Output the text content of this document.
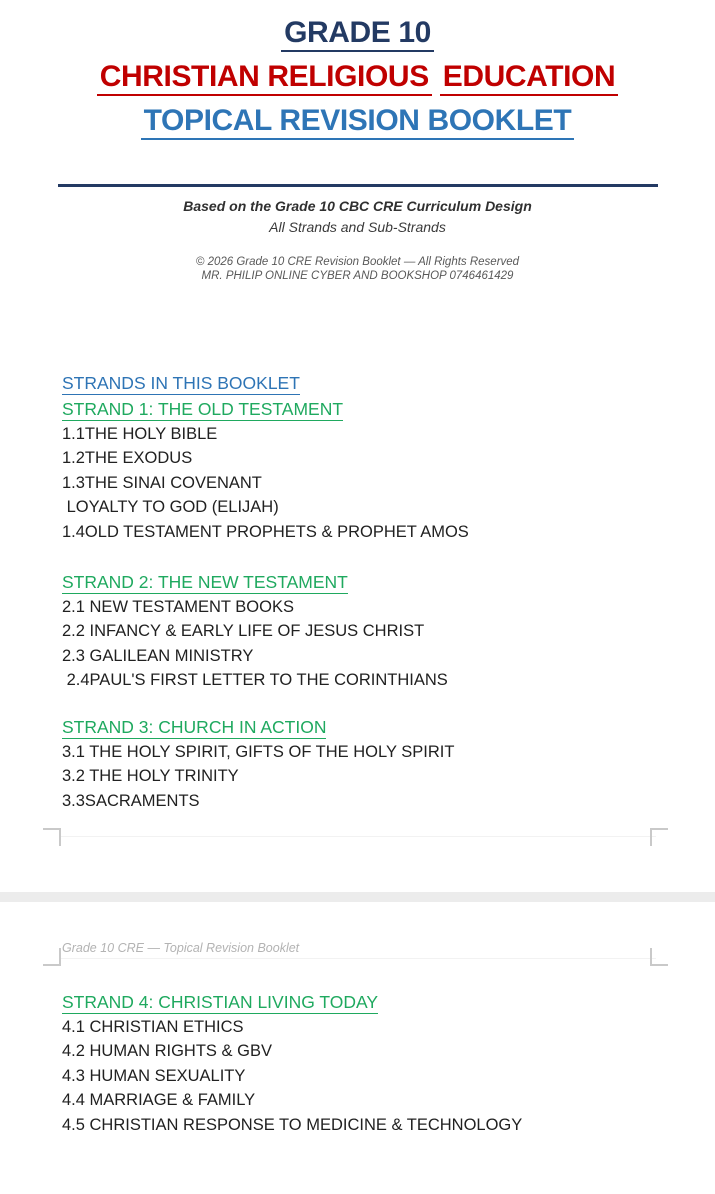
GRADE 10
CHRISTIAN RELIGIOUS EDUCATION
TOPICAL REVISION BOOKLET
Based on the Grade 10 CBC CRE Curriculum Design
All Strands and Sub-Strands
© 2026 Grade 10 CRE Revision Booklet — All Rights Reserved
MR. PHILIP ONLINE CYBER AND BOOKSHOP 0746461429
STRANDS IN THIS BOOKLET
STRAND 1: THE OLD TESTAMENT
1.1THE HOLY BIBLE
1.2THE EXODUS
1.3THE SINAI COVENANT
LOYALTY TO GOD (ELIJAH)
1.4OLD TESTAMENT PROPHETS & PROPHET AMOS
STRAND 2: THE NEW TESTAMENT
2.1 NEW TESTAMENT BOOKS
2.2 INFANCY & EARLY LIFE OF JESUS CHRIST
2.3 GALILEAN MINISTRY
2.4PAUL'S FIRST LETTER TO THE CORINTHIANS
STRAND 3: CHURCH IN ACTION
3.1 THE HOLY SPIRIT, GIFTS OF THE HOLY SPIRIT
3.2 THE HOLY TRINITY
3.3SACRAMENTS
Grade 10 CRE — Topical Revision Booklet
STRAND 4: CHRISTIAN LIVING TODAY
4.1 CHRISTIAN ETHICS
4.2 HUMAN RIGHTS & GBV
4.3 HUMAN SEXUALITY
4.4 MARRIAGE & FAMILY
4.5 CHRISTIAN RESPONSE TO MEDICINE & TECHNOLOGY
